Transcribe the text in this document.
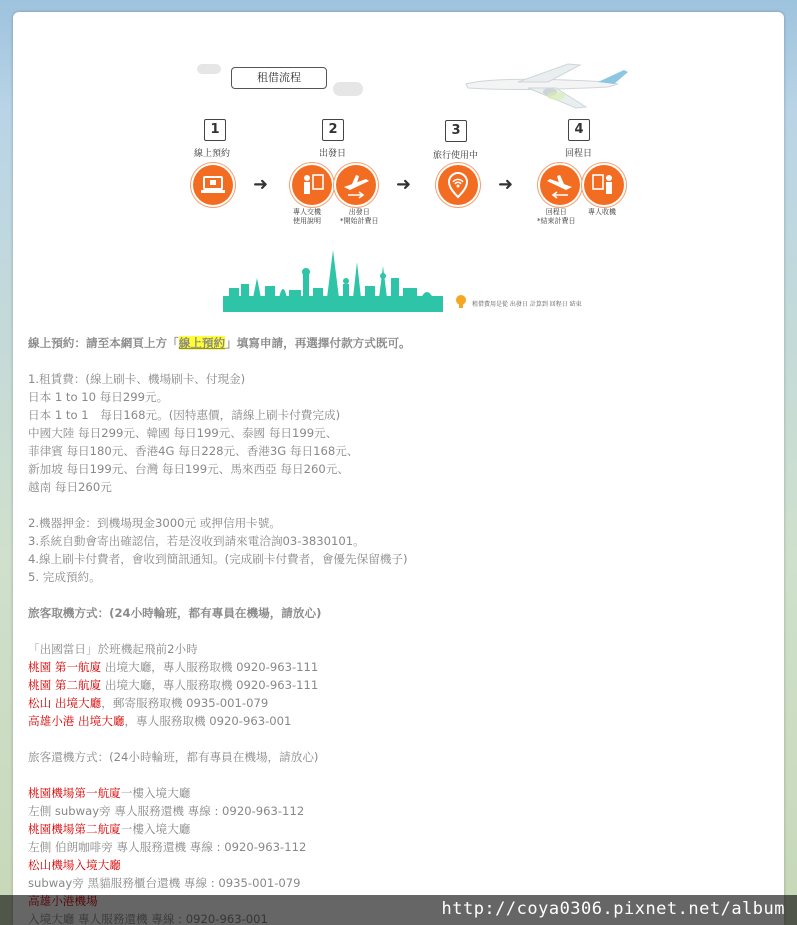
租借流程
1	2	3	4
線上預約	出發日	旅行使用中	回程日
➜	➜	➜
專人交機
使用說明
出發日
*開始計費日
回程日
*結束計費日
專人收機
租借費用是從 出發日 計算到 回程日 結束
線上預約：請至本網頁上方「線上預約」填寫申請，再選擇付款方式既可。
1.租賃費：(線上刷卡、機場刷卡、付現金)
日本 1 to 10 每日299元。
日本 1 to 1　每日168元。(因特惠價，請線上刷卡付費完成)
中國大陸 每日299元、韓國 每日199元、泰國 每日199元、
菲律賓 每日180元、香港4G 每日228元、香港3G 每日168元、
新加坡 每日199元、台灣 每日199元、馬來西亞 每日260元、
越南 每日260元
2.機器押金：到機場現金3000元 或押信用卡號。
3.系統自動會寄出確認信，若是沒收到請來電洽詢03-3830101。
4.線上刷卡付費者，會收到簡訊通知。(完成刷卡付費者，會優先保留機子)
5. 完成預約。
旅客取機方式：(24小時輪班，都有專員在機場，請放心)
「出國當日」於班機起飛前2小時
桃園 第一航廈 出境大廳，專人服務取機 0920-963-111
桃園 第二航廈 出境大廳，專人服務取機 0920-963-111
松山 出境大廳，郵寄服務取機 0935-001-079
高雄小港 出境大廳，專人服務取機 0920-963-001
旅客還機方式：(24小時輪班，都有專員在機場，請放心)
桃園機場第一航廈一樓入境大廳
左側 subway旁 專人服務還機 專線 : 0920-963-112
桃園機場第二航廈一樓入境大廳
左側 伯朗咖啡旁 專人服務還機 專線 : 0920-963-112
松山機場入境大廳
subway旁 黑貓服務櫃台還機 專線 : 0935-001-079
http://coya0306.pixnet.net/album
